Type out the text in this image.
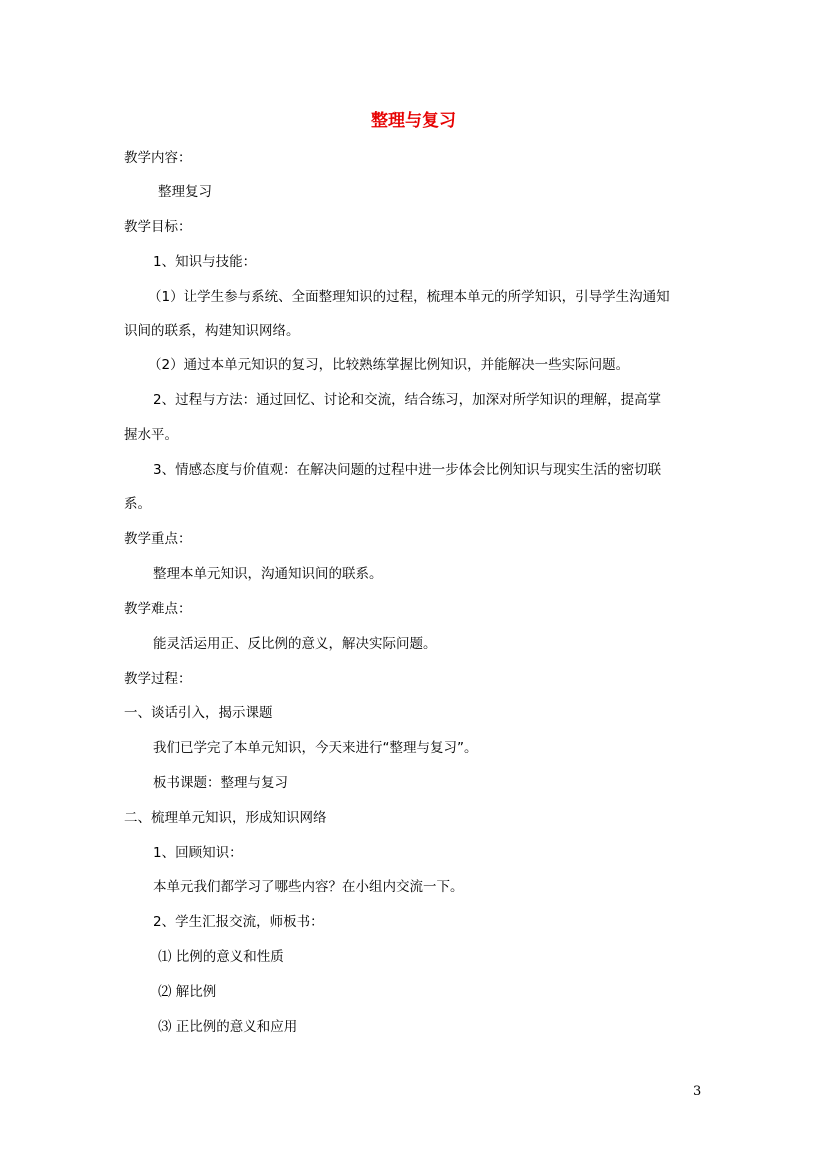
整理与复习
教学内容：
整理复习
教学目标：
1、知识与技能：
（1）让学生参与系统、全面整理知识的过程，梳理本单元的所学知识，引导学生沟通知
识间的联系，构建知识网络。
（2）通过本单元知识的复习，比较熟练掌握比例知识，并能解决一些实际问题。
2、过程与方法：通过回忆、讨论和交流，结合练习，加深对所学知识的理解，提高掌
握水平。
3、情感态度与价值观：在解决问题的过程中进一步体会比例知识与现实生活的密切联
系。
教学重点：
整理本单元知识，沟通知识间的联系。
教学难点：
能灵活运用正、反比例的意义，解决实际问题。
教学过程：
一、谈话引入，揭示课题
我们已学完了本单元知识，今天来进行“整理与复习”。
板书课题：整理与复习
二、梳理单元知识，形成知识网络
1、回顾知识：
本单元我们都学习了哪些内容？在小组内交流一下。
2、学生汇报交流，师板书：
⑴ 比例的意义和性质
⑵ 解比例
⑶ 正比例的意义和应用
3
